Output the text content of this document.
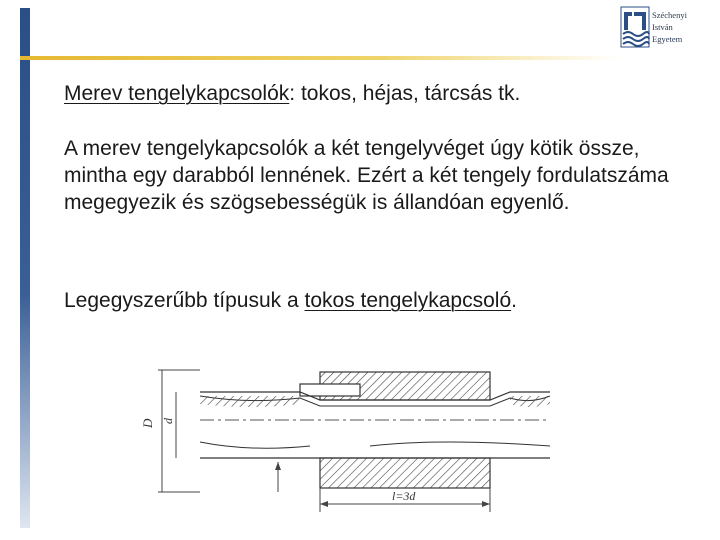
Széchenyi
István
Egyetem

Merev tengelykapcsolók: tokos, héjas, tárcsás tk.

A merev tengelykapcsolók a két tengelyvéget úgy kötik össze, mintha egy darabból lennének. Ezért a két tengely fordulatszáma megegyezik és szögsebességük is állandóan egyenlő.

Legegyszerűbb típusuk a tokos tengelykapcsoló.

D d
l=3d
